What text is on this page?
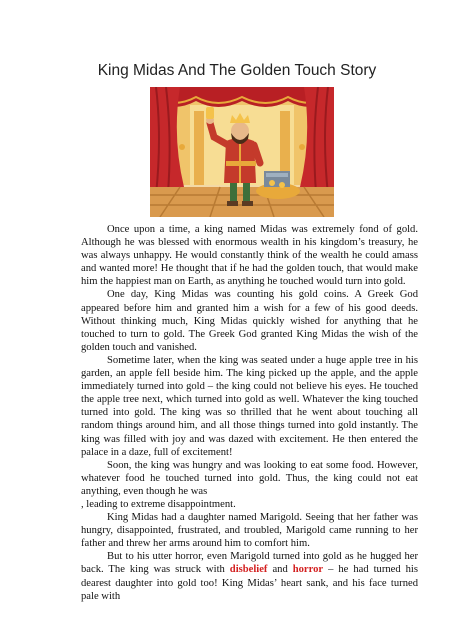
King Midas And The Golden Touch Story

Once upon a time, a king named Midas was extremely fond of gold. Although he was blessed with enormous wealth in his kingdom’s treasury, he was always unhappy. He would constantly think of the wealth he could amass and wanted more! He thought that if he had the golden touch, that would make him the happiest man on Earth, as anything he touched would turn into gold.

One day, King Midas was counting his gold coins. A Greek God appeared before him and granted him a wish for a few of his good deeds. Without thinking much, King Midas quickly wished for anything that he touched to turn to gold. The Greek God granted King Midas the wish of the golden touch and vanished.

Sometime later, when the king was seated under a huge apple tree in his garden, an apple fell beside him. The king picked up the apple, and the apple immediately turned into gold – the king could not believe his eyes. He touched the apple tree next, which turned into gold as well. Whatever the king touched turned into gold. The king was so thrilled that he went about touching all random things around him, and all those things turned into gold instantly. The king was filled with joy and was dazed with excitement. He then entered the palace in a daze, full of excitement!

Soon, the king was hungry and was looking to eat some food. However, whatever food he touched turned into gold. Thus, the king could not eat anything, even though he was

, leading to extreme disappointment.

King Midas had a daughter named Marigold. Seeing that her father was hungry, disappointed, frustrated, and troubled, Marigold came running to her father and threw her arms around him to comfort him.

But to his utter horror, even Marigold turned into gold as he hugged her back. The king was struck with disbelief and horror – he had turned his dearest daughter into gold too! King Midas’ heart sank, and his face turned pale with
